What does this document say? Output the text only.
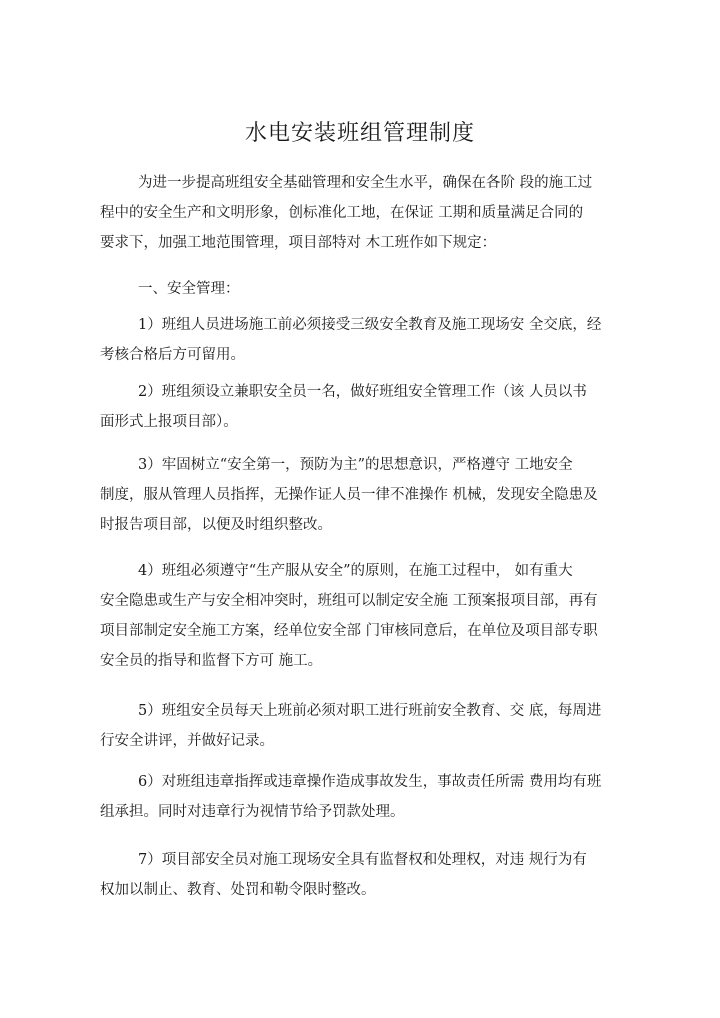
水电安装班组管理制度

为进一步提高班组安全基础管理和安全生水平，确保在各阶 段的施工过
程中的安全生产和文明形象，创标准化工地，在保证 工期和质量满足合同的
要求下，加强工地范围管理，项目部特对 木工班作如下规定：

一、安全管理：

1）班组人员进场施工前必须接受三级安全教育及施工现场安 全交底，经
考核合格后方可留用。

2）班组须设立兼职安全员一名，做好班组安全管理工作（该 人员以书
面形式上报项目部）。

3）牢固树立“安全第一，预防为主”的思想意识，严格遵守 工地安全
制度，服从管理人员指挥，无操作证人员一律不准操作 机械，发现安全隐患及
时报告项目部，以便及时组织整改。

4）班组必须遵守“生产服从安全”的原则，在施工过程中， 如有重大
安全隐患或生产与安全相冲突时，班组可以制定安全施 工预案报项目部，再有
项目部制定安全施工方案，经单位安全部 门审核同意后，在单位及项目部专职
安全员的指导和监督下方可 施工。

5）班组安全员每天上班前必须对职工进行班前安全教育、交 底，每周进
行安全讲评，并做好记录。

6）对班组违章指挥或违章操作造成事故发生，事故责任所需 费用均有班
组承担。同时对违章行为视情节给予罚款处理。

7）项目部安全员对施工现场安全具有监督权和处理权，对违 规行为有
权加以制止、教育、处罚和勒令限时整改。
